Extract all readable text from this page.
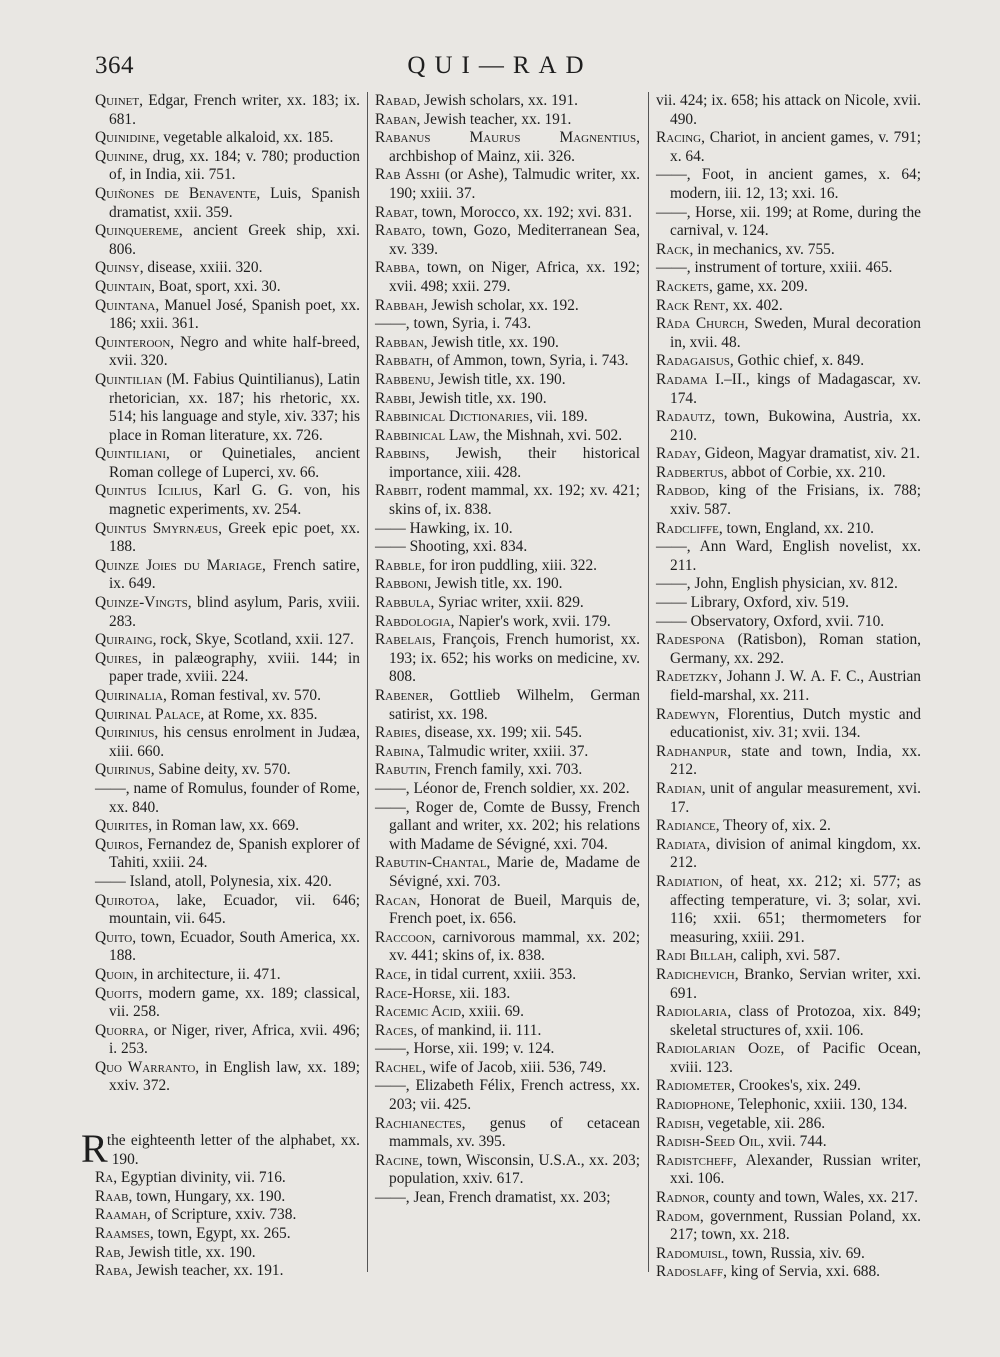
364	QUI—RAD

Quinet, Edgar, French writer, xx. 183; ix. 681.

Quinidine, vegetable alkaloid, xx. 185.

Quinine, drug, xx. 184; v. 780; production of, in India, xii. 751.

Quiñones de Benavente, Luis, Spanish dramatist, xxii. 359.

Quinquereme, ancient Greek ship, xxi. 806.

Quinsy, disease, xxiii. 320.

Quintain, Boat, sport, xxi. 30.

Quintana, Manuel José, Spanish poet, xx. 186; xxii. 361.

Quinteroon, Negro and white half-breed, xvii. 320.

Quintilian (M. Fabius Quintilianus), Latin rhetorician, xx. 187; his rhetoric, xx. 514; his language and style, xiv. 337; his place in Roman literature, xx. 726.

Quintiliani, or Quinetiales, ancient Roman college of Luperci, xv. 66.

Quintus Icilius, Karl G. G. von, his magnetic experiments, xv. 254.

Quintus Smyrnæus, Greek epic poet, xx. 188.

Quinze Joies du Mariage, French satire, ix. 649.

Quinze-Vingts, blind asylum, Paris, xviii. 283.

Quiraing, rock, Skye, Scotland, xxii. 127.

Quires, in palæography, xviii. 144; in paper trade, xviii. 224.

Quirinalia, Roman festival, xv. 570.

Quirinal Palace, at Rome, xx. 835.

Quirinius, his census enrolment in Judæa, xiii. 660.

Quirinus, Sabine deity, xv. 570.

——, name of Romulus, founder of Rome, xx. 840.

Quirites, in Roman law, xx. 669.

Quiros, Fernandez de, Spanish explorer of Tahiti, xxiii. 24.

—— Island, atoll, Polynesia, xix. 420.

Quirotoa, lake, Ecuador, vii. 646; mountain, vii. 645.

Quito, town, Ecuador, South America, xx. 188.

Quoin, in architecture, ii. 471.

Quoits, modern game, xx. 189; classical, vii. 258.

Quorra, or Niger, river, Africa, xvii. 496; i. 253.

Quo Warranto, in English law, xx. 189; xxiv. 372.

R
, the eighteenth letter of the alphabet, xx. 190.

Ra, Egyptian divinity, vii. 716.

Raab, town, Hungary, xx. 190.

Raamah, of Scripture, xxiv. 738.

Raamses, town, Egypt, xx. 265.

Rab, Jewish title, xx. 190.

Raba, Jewish teacher, xx. 191.

Rabad, Jewish scholars, xx. 191.

Raban, Jewish teacher, xx. 191.

Rabanus Maurus Magnentius, archbishop of Mainz, xii. 326.

Rab Asshi (or Ashe), Talmudic writer, xx. 190; xxiii. 37.

Rabat, town, Morocco, xx. 192; xvi. 831.

Rabato, town, Gozo, Mediterranean Sea, xv. 339.

Rabba, town, on Niger, Africa, xx. 192; xvii. 498; xxii. 279.

Rabbah, Jewish scholar, xx. 192.

——, town, Syria, i. 743.

Rabban, Jewish title, xx. 190.

Rabbath, of Ammon, town, Syria, i. 743.

Rabbenu, Jewish title, xx. 190.

Rabbi, Jewish title, xx. 190.

Rabbinical Dictionaries, vii. 189.

Rabbinical Law, the Mishnah, xvi. 502.

Rabbins, Jewish, their historical importance, xiii. 428.

Rabbit, rodent mammal, xx. 192; xv. 421; skins of, ix. 838.

—— Hawking, ix. 10.

—— Shooting, xxi. 834.

Rabble, for iron puddling, xiii. 322.

Rabboni, Jewish title, xx. 190.

Rabbula, Syriac writer, xxii. 829.

Rabdologia, Napier's work, xvii. 179.

Rabelais, François, French humorist, xx. 193; ix. 652; his works on medicine, xv. 808.

Rabener, Gottlieb Wilhelm, German satirist, xx. 198.

Rabies, disease, xx. 199; xii. 545.

Rabina, Talmudic writer, xxiii. 37.

Rabutin, French family, xxi. 703.

——, Léonor de, French soldier, xx. 202.

——, Roger de, Comte de Bussy, French gallant and writer, xx. 202; his relations with Madame de Sévigné, xxi. 704.

Rabutin-Chantal, Marie de, Madame de Sévigné, xxi. 703.

Racan, Honorat de Bueil, Marquis de, French poet, ix. 656.

Raccoon, carnivorous mammal, xx. 202; xv. 441; skins of, ix. 838.

Race, in tidal current, xxiii. 353.

Race-Horse, xii. 183.

Racemic Acid, xxiii. 69.

Races, of mankind, ii. 111.

——, Horse, xii. 199; v. 124.

Rachel, wife of Jacob, xiii. 536, 749.

——, Elizabeth Félix, French actress, xx. 203; vii. 425.

Rachianectes, genus of cetacean mammals, xv. 395.

Racine, town, Wisconsin, U.S.A., xx. 203; population, xxiv. 617.

——, Jean, French dramatist, xx. 203;

vii. 424; ix. 658; his attack on Nicole, xvii. 490.

Racing, Chariot, in ancient games, v. 791; x. 64.

——, Foot, in ancient games, x. 64; modern, iii. 12, 13; xxi. 16.

——, Horse, xii. 199; at Rome, during the carnival, v. 124.

Rack, in mechanics, xv. 755.

——, instrument of torture, xxiii. 465.

Rackets, game, xx. 209.

Rack Rent, xx. 402.

Råda Church, Sweden, Mural decoration in, xvii. 48.

Radagaisus, Gothic chief, x. 849.

Radama I.–II., kings of Madagascar, xv. 174.

Radautz, town, Bukowina, Austria, xx. 210.

Raday, Gideon, Magyar dramatist, xiv. 21.

Radbertus, abbot of Corbie, xx. 210.

Radbod, king of the Frisians, ix. 788; xxiv. 587.

Radcliffe, town, England, xx. 210.

——, Ann Ward, English novelist, xx. 211.

——, John, English physician, xv. 812.

—— Library, Oxford, xiv. 519.

—— Observatory, Oxford, xvii. 710.

Radespona (Ratisbon), Roman station, Germany, xx. 292.

Radetzky, Johann J. W. A. F. C., Austrian field-marshal, xx. 211.

Radewyn, Florentius, Dutch mystic and educationist, xiv. 31; xvii. 134.

Radhanpur, state and town, India, xx. 212.

Radian, unit of angular measurement, xvi. 17.

Radiance, Theory of, xix. 2.

Radiata, division of animal kingdom, xx. 212.

Radiation, of heat, xx. 212; xi. 577; as affecting temperature, vi. 3; solar, xvi. 116; xxii. 651; thermometers for measuring, xxiii. 291.

Radi Billah, caliph, xvi. 587.

Radichevich, Branko, Servian writer, xxi. 691.

Radiolaria, class of Protozoa, xix. 849; skeletal structures of, xxii. 106.

Radiolarian Ooze, of Pacific Ocean, xviii. 123.

Radiometer, Crookes's, xix. 249.

Radiophone, Telephonic, xxiii. 130, 134.

Radish, vegetable, xii. 286.

Radish-Seed Oil, xvii. 744.

Radistcheff, Alexander, Russian writer, xxi. 106.

Radnor, county and town, Wales, xx. 217.

Radom, government, Russian Poland, xx. 217; town, xx. 218.

Radomuisl, town, Russia, xiv. 69.

Radoslaff, king of Servia, xxi. 688.
